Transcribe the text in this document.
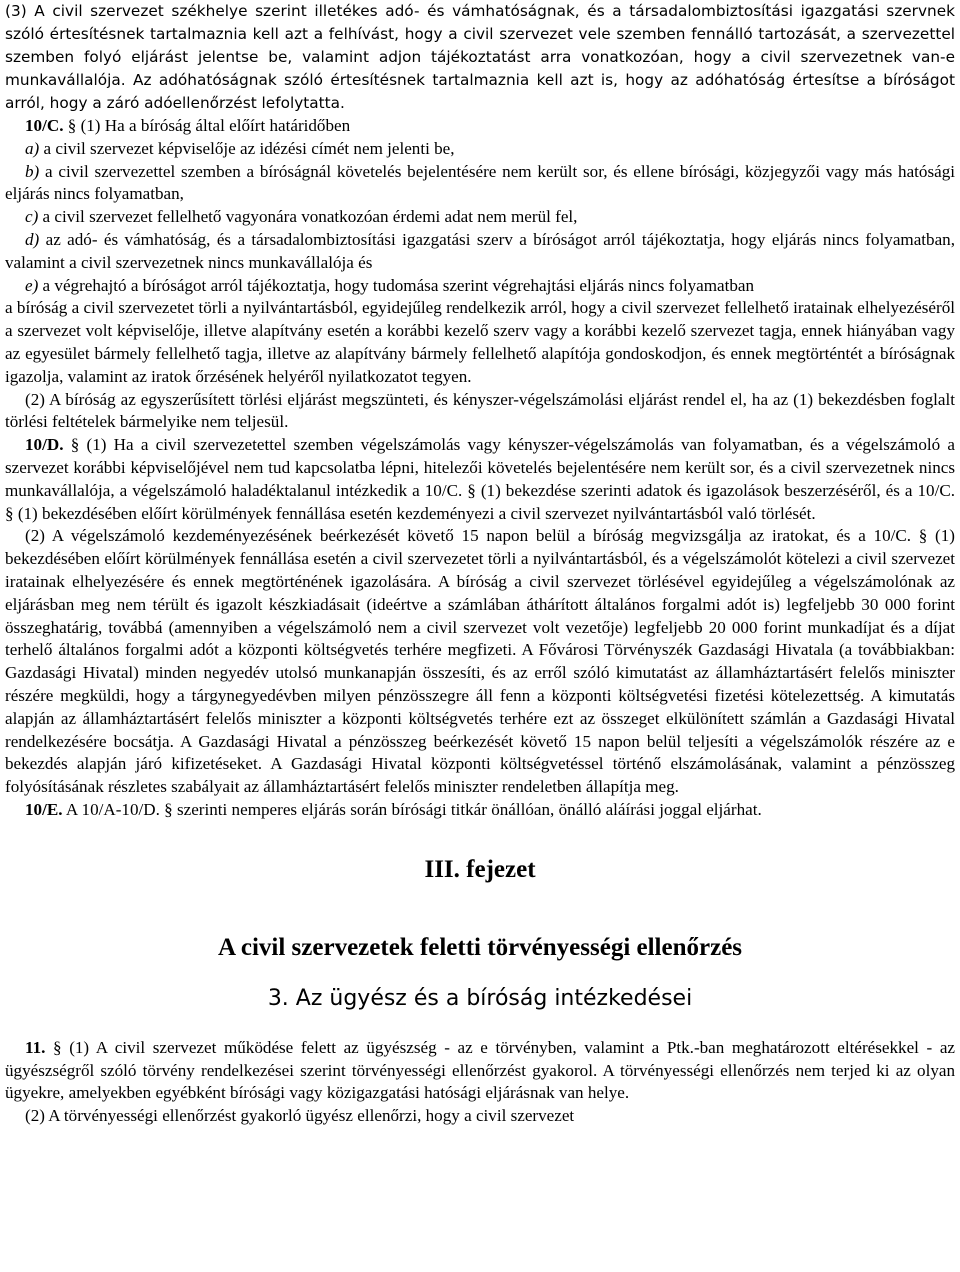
(3) A civil szervezet székhelye szerint illetékes adó- és vámhatóságnak, és a társadalombiztosítási igazgatási szervnek szóló értesítésnek tartalmaznia kell azt a felhívást, hogy a civil szervezet vele szemben fennálló tartozását, a szervezettel szemben folyó eljárást jelentse be, valamint adjon tájékoztatást arra vonatkozóan, hogy a civil szervezetnek van-e munkavállalója. Az adóhatóságnak szóló értesítésnek tartalmaznia kell azt is, hogy az adóhatóság értesítse a bíróságot arról, hogy a záró adóellenőrzést lefolytatta.

10/C. § (1) Ha a bíróság által előírt határidőben

a) a civil szervezet képviselője az idézési címét nem jelenti be,

b) a civil szervezettel szemben a bíróságnál követelés bejelentésére nem került sor, és ellene bírósági, közjegyzői vagy más hatósági eljárás nincs folyamatban,

c) a civil szervezet fellelhető vagyonára vonatkozóan érdemi adat nem merül fel,

d) az adó- és vámhatóság, és a társadalombiztosítási igazgatási szerv a bíróságot arról tájékoztatja, hogy eljárás nincs folyamatban, valamint a civil szervezetnek nincs munkavállalója és

e) a végrehajtó a bíróságot arról tájékoztatja, hogy tudomása szerint végrehajtási eljárás nincs folyamatban

a bíróság a civil szervezetet törli a nyilvántartásból, egyidejűleg rendelkezik arról, hogy a civil szervezet fellelhető iratainak elhelyezéséről a szervezet volt képviselője, illetve alapítvány esetén a korábbi kezelő szerv vagy a korábbi kezelő szervezet tagja, ennek hiányában vagy az egyesület bármely fellelhető tagja, illetve az alapítvány bármely fellelhető alapítója gondoskodjon, és ennek megtörténtét a bíróságnak igazolja, valamint az iratok őrzésének helyéről nyilatkozatot tegyen.

(2) A bíróság az egyszerűsített törlési eljárást megszünteti, és kényszer-végelszámolási eljárást rendel el, ha az (1) bekezdésben foglalt törlési feltételek bármelyike nem teljesül.

10/D. § (1) Ha a civil szervezetettel szemben végelszámolás vagy kényszer-végelszámolás van folyamatban, és a végelszámoló a szervezet korábbi képviselőjével nem tud kapcsolatba lépni, hitelezői követelés bejelentésére nem került sor, és a civil szervezetnek nincs munkavállalója, a végelszámoló haladéktalanul intézkedik a 10/C. § (1) bekezdése szerinti adatok és igazolások beszerzéséről, és a 10/C. § (1) bekezdésében előírt körülmények fennállása esetén kezdeményezi a civil szervezet nyilvántartásból való törlését.

(2) A végelszámoló kezdeményezésének beérkezését követő 15 napon belül a bíróság megvizsgálja az iratokat, és a 10/C. § (1) bekezdésében előírt körülmények fennállása esetén a civil szervezetet törli a nyilvántartásból, és a végelszámolót kötelezi a civil szervezet iratainak elhelyezésére és ennek megtörténének igazolására. A bíróság a civil szervezet törlésével egyidejűleg a végelszámolónak az eljárásban meg nem térült és igazolt készkiadásait (ideértve a számlában áthárított általános forgalmi adót is) legfeljebb 30 000 forint összeghatárig, továbbá (amennyiben a végelszámoló nem a civil szervezet volt vezetője) legfeljebb 20 000 forint munkadíjat és a díjat terhelő általános forgalmi adót a központi költségvetés terhére megfizeti. A Fővárosi Törvényszék Gazdasági Hivatala (a továbbiakban: Gazdasági Hivatal) minden negyedév utolsó munkanapján összesíti, és az erről szóló kimutatást az államháztartásért felelős miniszter részére megküldi, hogy a tárgynegyedévben milyen pénzösszegre áll fenn a központi költségvetési fizetési kötelezettség. A kimutatás alapján az államháztartásért felelős miniszter a központi költségvetés terhére ezt az összeget elkülönített számlán a Gazdasági Hivatal rendelkezésére bocsátja. A Gazdasági Hivatal a pénzösszeg beérkezését követő 15 napon belül teljesíti a végelszámolók részére az e bekezdés alapján járó kifizetéseket. A Gazdasági Hivatal központi költségvetéssel történő elszámolásának, valamint a pénzösszeg folyósításának részletes szabályait az államháztartásért felelős miniszter rendeletben állapítja meg.

10/E. A 10/A-10/D. § szerinti nemperes eljárás során bírósági titkár önállóan, önálló aláírási joggal eljárhat.

III. fejezet

A civil szervezetek feletti törvényességi ellenőrzés

3. Az ügyész és a bíróság intézkedései

11. § (1) A civil szervezet működése felett az ügyészség - az e törvényben, valamint a Ptk.-ban meghatározott eltérésekkel - az ügyészségről szóló törvény rendelkezései szerint törvényességi ellenőrzést gyakorol. A törvényességi ellenőrzés nem terjed ki az olyan ügyekre, amelyekben egyébként bírósági vagy közigazgatási hatósági eljárásnak van helye.

(2) A törvényességi ellenőrzést gyakorló ügyész ellenőrzi, hogy a civil szervezet
